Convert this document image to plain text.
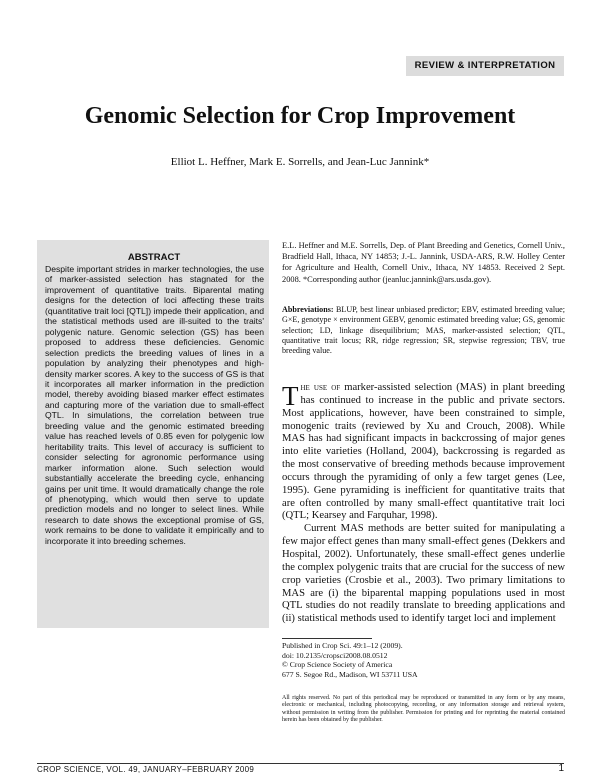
REVIEW & INTERPRETATION
Genomic Selection for Crop Improvement
Elliot L. Heffner, Mark E. Sorrells, and Jean-Luc Jannink*
ABSTRACT
Despite important strides in marker technologies, the use of marker-assisted selection has stagnated for the improvement of quantitative traits. Biparental mating designs for the detection of loci affecting these traits (quantitative trait loci [QTL]) impede their application, and the statistical methods used are ill-suited to the traits' polygenic nature. Genomic selection (GS) has been proposed to address these deficiencies. Genomic selection predicts the breeding values of lines in a population by analyzing their phenotypes and high-density marker scores. A key to the success of GS is that it incorporates all marker information in the prediction model, thereby avoiding biased marker effect estimates and capturing more of the variation due to small-effect QTL. In simulations, the correlation between true breeding value and the genomic estimated breeding value has reached levels of 0.85 even for polygenic low heritability traits. This level of accuracy is sufficient to consider selecting for agronomic performance using marker information alone. Such selection would substantially accelerate the breeding cycle, enhancing gains per unit time. It would dramatically change the role of phenotyping, which would then serve to update prediction models and no longer to select lines. While research to date shows the exceptional promise of GS, work remains to be done to validate it empirically and to incorporate it into breeding schemes.
E.L. Heffner and M.E. Sorrells, Dep. of Plant Breeding and Genetics, Cornell Univ., Bradfield Hall, Ithaca, NY 14853; J.-L. Jannink, USDA-ARS, R.W. Holley Center for Agriculture and Health, Cornell Univ., Ithaca, NY 14853. Received 2 Sept. 2008. *Corresponding author (jeanluc.jannink@ars.usda.gov).
Abbreviations: BLUP, best linear unbiased predictor; EBV, estimated breeding value; G×E, genotype × environment GEBV, genomic estimated breeding value; GS, genomic selection; LD, linkage disequilibrium; MAS, marker-assisted selection; QTL, quantitative trait locus; RR, ridge regression; SR, stepwise regression; TBV, true breeding value.

The use of marker-assisted selection (MAS) in plant breeding has continued to increase in the public and private sectors. Most applications, however, have been constrained to simple, monogenic traits (reviewed by Xu and Crouch, 2008). While MAS has had significant impacts in backcrossing of major genes into elite varieties (Holland, 2004), backcrossing is regarded as the most conservative of breeding methods because improvement occurs through the pyramiding of only a few target genes (Lee, 1995). Gene pyramiding is inefficient for quantitative traits that are often controlled by many small-effect quantitative trait loci (QTL; Kearsey and Farquhar, 1998).

Current MAS methods are better suited for manipulating a few major effect genes than many small-effect genes (Dekkers and Hospital, 2002). Unfortunately, these small-effect genes underlie the complex polygenic traits that are crucial for the success of new crop varieties (Crosbie et al., 2003). Two primary limitations to MAS are (i) the biparental mapping populations used in most QTL studies do not readily translate to breeding applications and (ii) statistical methods used to identify target loci and implement

Published in Crop Sci. 49:1–12 (2009).
doi: 10.2135/cropsci2008.08.0512
© Crop Science Society of America
677 S. Segoe Rd., Madison, WI 53711 USA
All rights reserved. No part of this periodical may be reproduced or transmitted in any form or by any means, electronic or mechanical, including photocopying, recording, or any information storage and retrieval system, without permission in writing from the publisher. Permission for printing and for reprinting the material contained herein has been obtained by the publisher.
CROP SCIENCE, VOL. 49, JANUARY–FEBRUARY 2009	1
